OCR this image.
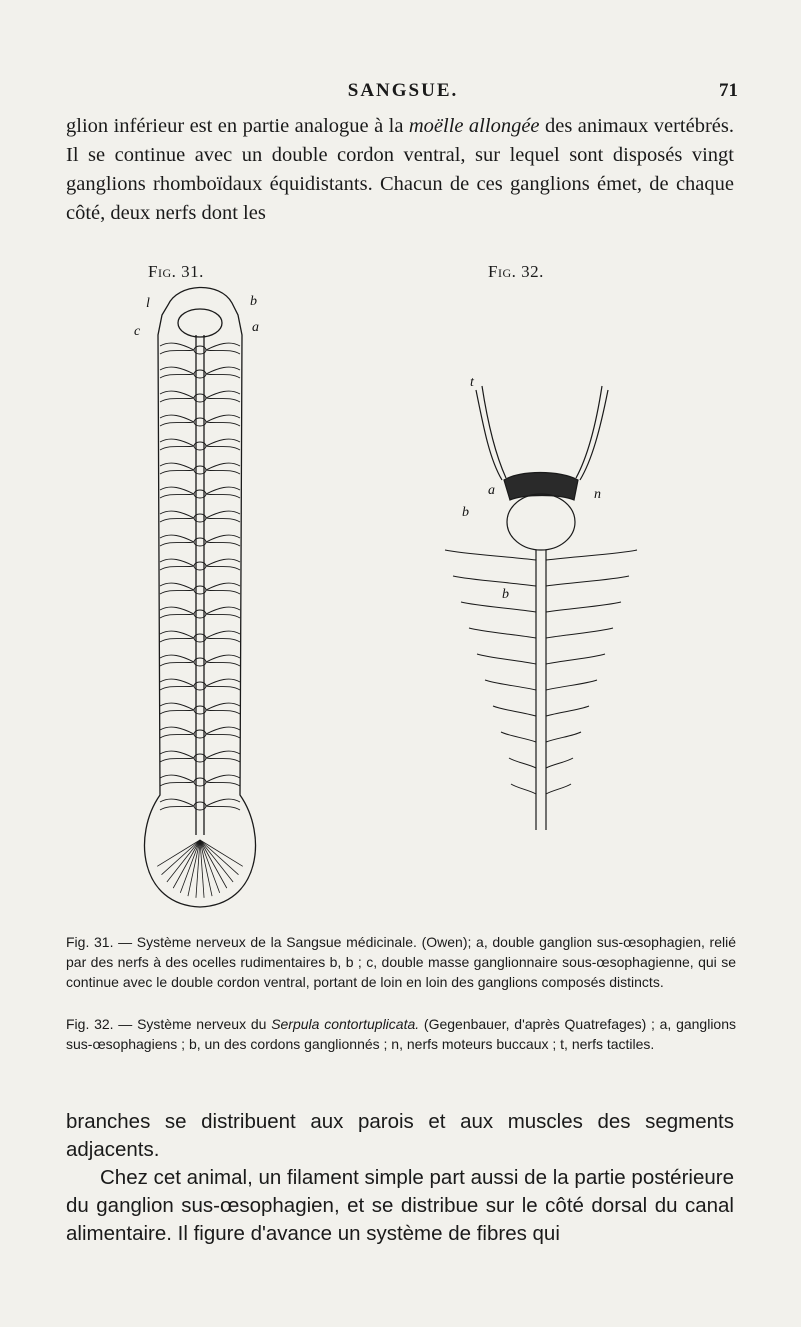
SANGSUE.	71
glion inférieur est en partie analogue à la moëlle allongée des animaux vertébrés. Il se continue avec un double cordon ventral, sur lequel sont disposés vingt ganglions rhomboïdaux équidistants. Chacun de ces ganglions émet, de chaque côté, deux nerfs dont les
Fig. 31.	Fig. 32.
l	b
c	a
t
a	n
b
b
Fig. 31. — Système nerveux de la Sangsue médicinale. (Owen); a, double ganglion sus-œsophagien, relié par des nerfs à des ocelles rudimentaires b, b ; c, double masse ganglionnaire sous-œsophagienne, qui se continue avec le double cordon ventral, portant de loin en loin des ganglions composés distincts.
Fig. 32. — Système nerveux du Serpula contortuplicata. (Gegenbauer, d'après Quatrefages) ; a, ganglions sus-œsophagiens ; b, un des cordons ganglionnés ; n, nerfs moteurs buccaux ; t, nerfs tactiles.

branches se distribuent aux parois et aux muscles des segments adjacents.

Chez cet animal, un filament simple part aussi de la partie postérieure du ganglion sus-œsophagien, et se distribue sur le côté dorsal du canal alimentaire. Il figure d'avance un système de fibres qui
